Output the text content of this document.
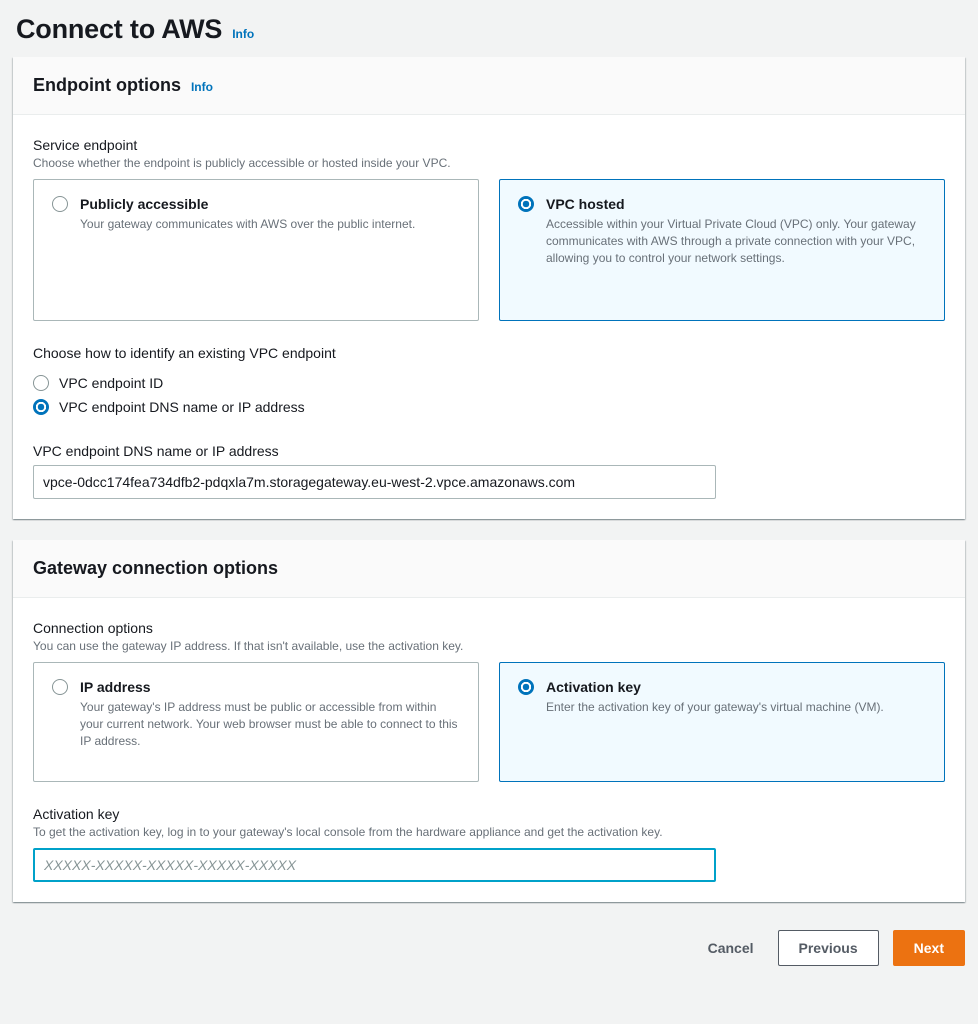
Connect to AWS Info
Endpoint options Info
Service endpoint
Choose whether the endpoint is publicly accessible or hosted inside your VPC.
Publicly accessible
Your gateway communicates with AWS over the public internet.
VPC hosted
Accessible within your Virtual Private Cloud (VPC) only. Your gateway communicates with AWS through a private connection with your VPC, allowing you to control your network settings.
Choose how to identify an existing VPC endpoint
VPC endpoint ID
VPC endpoint DNS name or IP address
VPC endpoint DNS name or IP address
vpce-0dcc174fea734dfb2-pdqxla7m.storagegateway.eu-west-2.vpce.amazonaws.com
Gateway connection options
Connection options
You can use the gateway IP address. If that isn't available, use the activation key.
IP address
Your gateway's IP address must be public or accessible from within your current network. Your web browser must be able to connect to this IP address.
Activation key
Enter the activation key of your gateway's virtual machine (VM).
Activation key
To get the activation key, log in to your gateway's local console from the hardware appliance and get the activation key.
XXXXX-XXXXX-XXXXX-XXXXX-XXXXX
Cancel	Previous	Next
